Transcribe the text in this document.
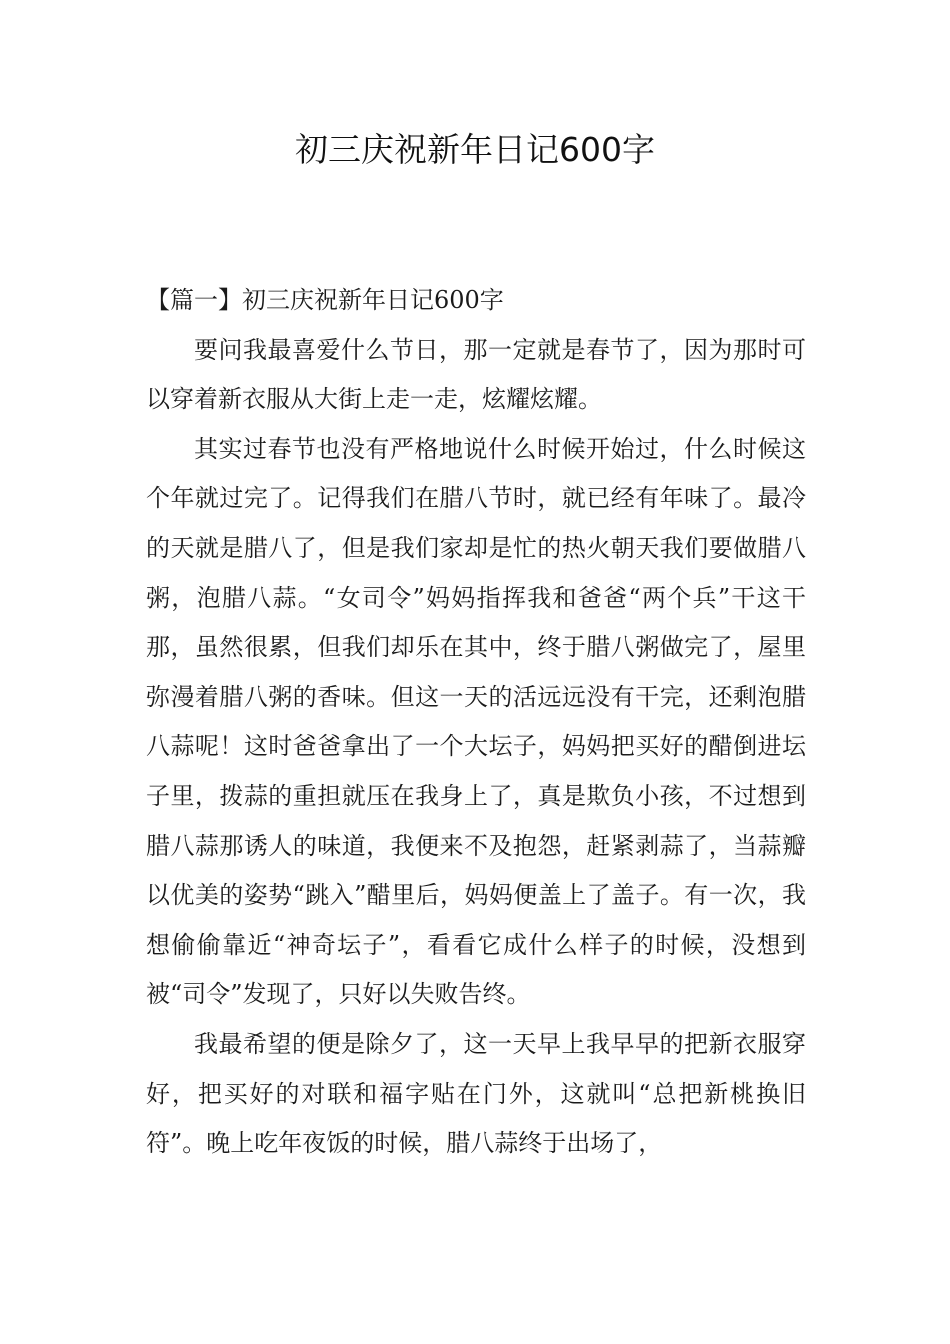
初三庆祝新年日记600字

【篇一】初三庆祝新年日记600字

要问我最喜爱什么节日，那一定就是春节了，因为那时可以穿着新衣服从大街上走一走，炫耀炫耀。

其实过春节也没有严格地说什么时候开始过，什么时候这个年就过完了。记得我们在腊八节时，就已经有年味了。最冷的天就是腊八了，但是我们家却是忙的热火朝天我们要做腊八粥，泡腊八蒜。“女司令”妈妈指挥我和爸爸“两个兵”干这干那，虽然很累，但我们却乐在其中，终于腊八粥做完了，屋里弥漫着腊八粥的香味。但这一天的活远远没有干完，还剩泡腊八蒜呢！这时爸爸拿出了一个大坛子，妈妈把买好的醋倒进坛子里，拨蒜的重担就压在我身上了，真是欺负小孩，不过想到腊八蒜那诱人的味道，我便来不及抱怨，赶紧剥蒜了，当蒜瓣以优美的姿势“跳入”醋里后，妈妈便盖上了盖子。有一次，我想偷偷靠近“神奇坛子”，看看它成什么样子的时候，没想到被“司令”发现了，只好以失败告终。

我最希望的便是除夕了，这一天早上我早早的把新衣服穿好，把买好的对联和福字贴在门外，这就叫“总把新桃换旧符”。晚上吃年夜饭的时候，腊八蒜终于出场了，
